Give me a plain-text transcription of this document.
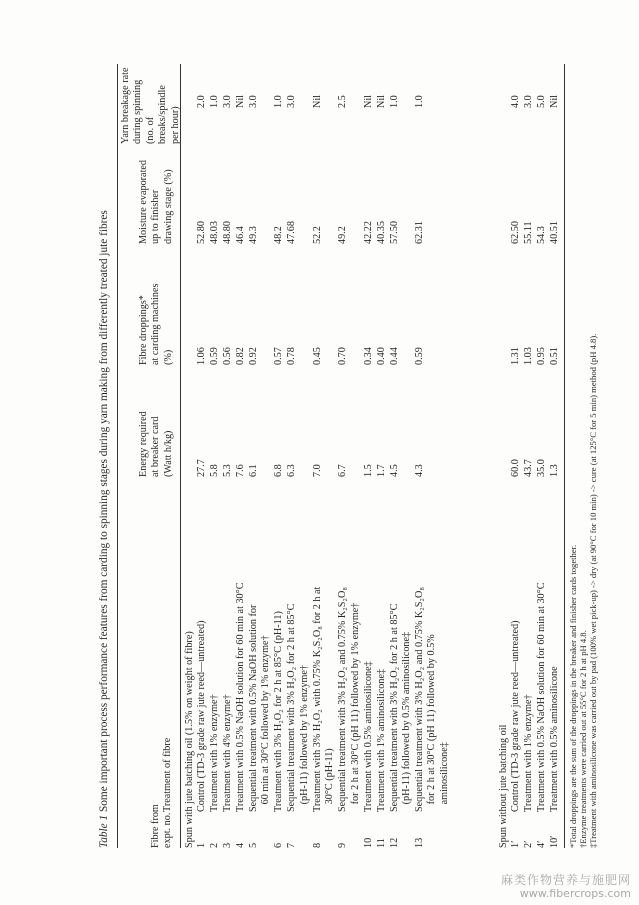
Table 1 Some important process performance features from carding to spinning stages during yarn making from differently treated jute fibres
Fibre from
expt. no.
Treatment of fibre
Energy required
at breaker card
(Watt h/kg)
Fibre droppings*
at carding machines
(%)
Moisture evaporated
up to finisher
drawing stage (%)
Yarn breakage rate
during spinning
(no. of breaks/spindle
per hour)
Spun with jute batching oil (1.5% on weight of fibre) 1
Control (TD-3 grade raw jute reed—untreated)
27.7
1.06
52.80
2.0
2
Treatment with 1% enzyme†
5.8
0.59
48.03
1.0
3
Treatment with 4% enzyme†
5.3
0.56
48.80
3.0
4
Treatment with 0.5% NaOH solution for 60 min at 30°C
7.6
0.82
46.4
Nil
5
Sequential treatment with 0.5% NaOH solution for
60 min at 30°C followed by 1% enzyme†
6.1
0.92
49.3
3.0
6
Treatment with 3% H₂O₂ for 2 h at 85°C (pH-11)
6.8
0.57
48.2
1.0
7
Sequential treatment with 3% H₂O₂ for 2 h at 85°C
(pH-11) followed by 1% enzyme†
6.3
0.78
47.68
3.0
8
Treatment with 3% H₂O₂ with 0.75% K₂S₂O₈ for 2 h at
30°C (pH-11)
7.0
0.45
52.2
Nil
9
Sequential treatment with 3% H₂O₂ and 0.75% K₂S₂O₈
for 2 h at 30°C (pH 11) followed by 1% enzyme†
6.7
0.70
49.2
2.5
10
Treatment with 0.5% aminosilicone‡
1.5
0.34
42.22
Nil
11
Treatment with 1% aminosilicone‡
1.7
0.40
40.35
Nil
12
Sequential treatment with 3% H₂O₂ for 2 h at 85°C
(pH-11) followed by 0.5% aminosilicone‡
4.5
0.44
57.50
1.0
13
Sequential treatment with 3% H₂O₂ and 0.75% K₂S₂O₈
for 2 h at 30°C (pH 11) followed by 0.5%
aminosilicone‡
4.3
0.59
62.31
1.0
Spun without jute batching oil 1′
Control (TD-3 grade raw jute reed—untreated)
60.0
1.31
62.50
4.0
2′
Treatment with 1% enzyme†
43.7
1.03
55.11
3.0
4′
Treatment with 0.5% NaOH solution for 60 min at 30°C
35.0
0.95
54.3
5.0
10′
Treatment with 0.5% aminosilicone
1.3
0.51
40.51
Nil
*Total droppings are the sum of the droppings in the breaker and finisher cards together. †Enzyme treatments were carried out at 55°C for 2 h at pH 4.8. ‡Treatment with aminosilicone was carried out by pad (100% wet pick-up) -> dry (at 90°C for 10 min) -> cure (at 125°C for 5 min) method (pH 4.8).
麻类作物营养与施肥网
www.fibercrops.com
